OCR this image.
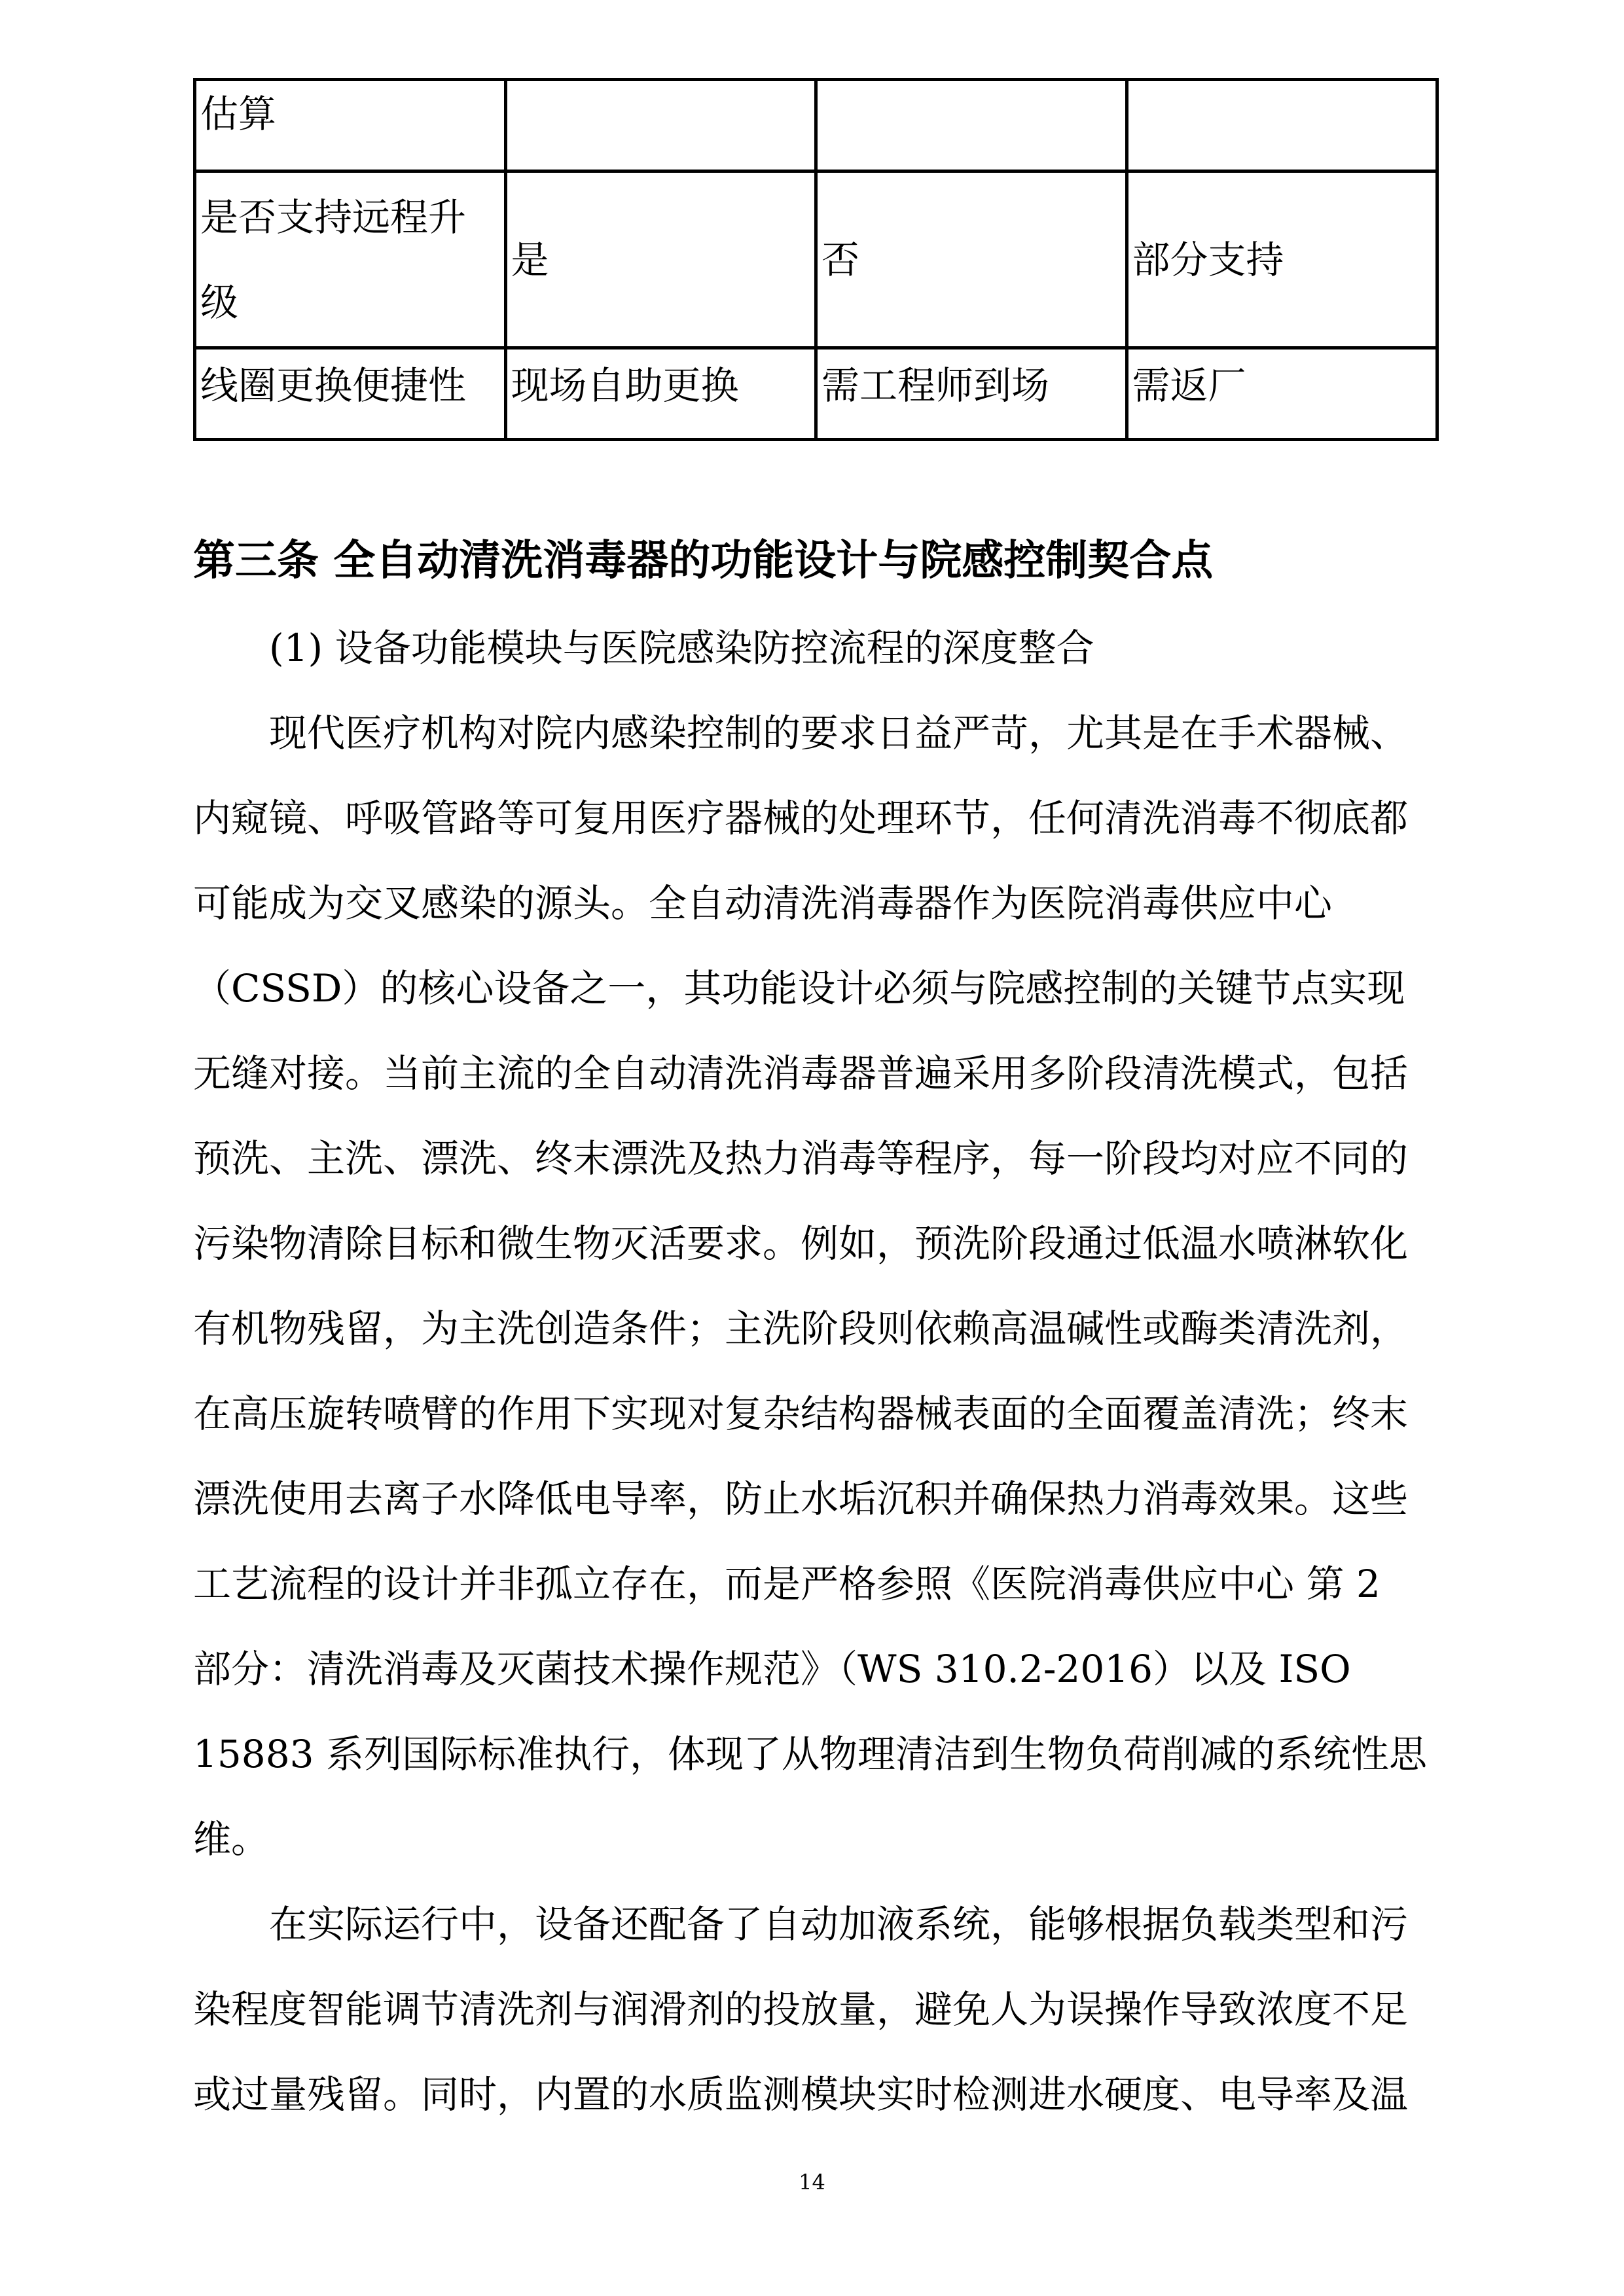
估算			
是否支持远程升级	是	否	部分支持
线圈更换便捷性	现场自助更换	需工程师到场	需返厂
第三条 全自动清洗消毒器的功能设计与院感控制契合点
(1) 设备功能模块与医院感染防控流程的深度整合
现代医疗机构对院内感染控制的要求日益严苛，尤其是在手术器械、
内窥镜、呼吸管路等可复用医疗器械的处理环节，任何清洗消毒不彻底都
可能成为交叉感染的源头。全自动清洗消毒器作为医院消毒供应中心
（CSSD）的核心设备之一，其功能设计必须与院感控制的关键节点实现
无缝对接。当前主流的全自动清洗消毒器普遍采用多阶段清洗模式，包括
预洗、主洗、漂洗、终末漂洗及热力消毒等程序，每一阶段均对应不同的
污染物清除目标和微生物灭活要求。例如，预洗阶段通过低温水喷淋软化
有机物残留，为主洗创造条件；主洗阶段则依赖高温碱性或酶类清洗剂，
在高压旋转喷臂的作用下实现对复杂结构器械表面的全面覆盖清洗；终末
漂洗使用去离子水降低电导率，防止水垢沉积并确保热力消毒效果。这些
工艺流程的设计并非孤立存在，而是严格参照《医院消毒供应中心 第 2
部分：清洗消毒及灭菌技术操作规范》（WS 310.2-2016）以及 ISO
15883 系列国际标准执行，体现了从物理清洁到生物负荷削减的系统性思
维。
在实际运行中，设备还配备了自动加液系统，能够根据负载类型和污
染程度智能调节清洗剂与润滑剂的投放量，避免人为误操作导致浓度不足
或过量残留。同时，内置的水质监测模块实时检测进水硬度、电导率及温
14
